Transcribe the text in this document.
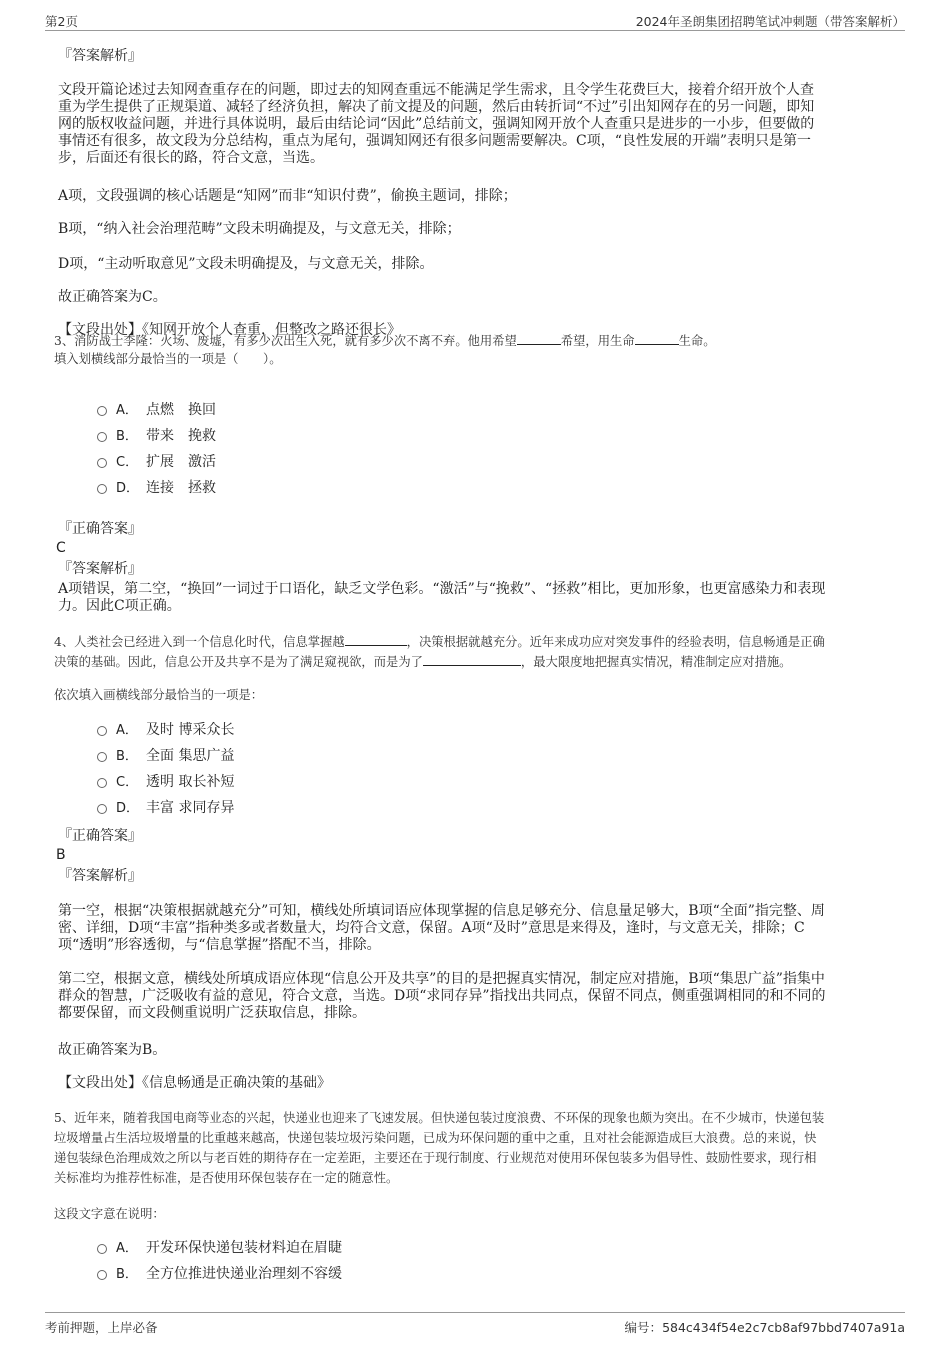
第2页	2024年圣朗集团招聘笔试冲刺题（带答案解析）
『答案解析』
文段开篇论述过去知网查重存在的问题，即过去的知网查重远不能满足学生需求，且令学生花费巨大，接着介绍开放个人查
重为学生提供了正规渠道、减轻了经济负担，解决了前文提及的问题，然后由转折词“不过”引出知网存在的另一问题，即知
网的版权收益问题，并进行具体说明，最后由结论词“因此”总结前文，强调知网开放个人查重只是进步的一小步，但要做的
事情还有很多，故文段为分总结构，重点为尾句，强调知网还有很多问题需要解决。C项，“良性发展的开端”表明只是第一
步，后面还有很长的路，符合文意，当选。
A项，文段强调的核心话题是“知网”而非“知识付费”，偷换主题词，排除；
B项，“纳入社会治理范畴”文段未明确提及，与文意无关，排除；
D项，“主动听取意见”文段未明确提及，与文意无关，排除。
故正确答案为C。
【文段出处】《知网开放个人查重，但整改之路还很长》
3、消防战士李隆：火场、废墟，有多少次出生入死，就有多少次不离不弃。他用希望	希望，用生命	生命。
填入划横线部分最恰当的一项是（　　）。
A． 点燃　换回
B． 带来　挽救
C． 扩展　激活
D． 连接　拯救
『正确答案』
C
『答案解析』
A项错误，第二空，“换回”一词过于口语化，缺乏文学色彩。“激活”与“挽救”、“拯救”相比，更加形象，也更富感染力和表现
力。因此C项正确。
4、人类社会已经进入到一个信息化时代，信息掌握越	，决策根据就越充分。近年来成功应对突发事件的经验表明，信息畅通是正确
决策的基础。因此，信息公开及共享不是为了满足窥视欲，而是为了	，最大限度地把握真实情况，精准制定应对措施。
依次填入画横线部分最恰当的一项是：
A． 及时 博采众长
B． 全面 集思广益
C． 透明 取长补短
D． 丰富 求同存异
『正确答案』
B
『答案解析』
第一空，根据“决策根据就越充分”可知，横线处所填词语应体现掌握的信息足够充分、信息量足够大，B项“全面”指完整、周
密、详细，D项“丰富”指种类多或者数量大，均符合文意，保留。A项“及时”意思是来得及，逢时，与文意无关，排除；C
项“透明”形容透彻，与“信息掌握”搭配不当，排除。
第二空，根据文意，横线处所填成语应体现“信息公开及共享”的目的是把握真实情况，制定应对措施，B项“集思广益”指集中
群众的智慧，广泛吸收有益的意见，符合文意，当选。D项“求同存异”指找出共同点，保留不同点，侧重强调相同的和不同的
都要保留，而文段侧重说明广泛获取信息，排除。
故正确答案为B。
【文段出处】《信息畅通是正确决策的基础》
5、近年来，随着我国电商等业态的兴起，快递业也迎来了飞速发展。但快递包装过度浪费、不环保的现象也颇为突出。在不少城市，快递包装
垃圾增量占生活垃圾增量的比重越来越高，快递包装垃圾污染问题，已成为环保问题的重中之重，且对社会能源造成巨大浪费。总的来说，快
递包装绿色治理成效之所以与老百姓的期待存在一定差距，主要还在于现行制度、行业规范对使用环保包装多为倡导性、鼓励性要求，现行相
关标准均为推荐性标准，是否使用环保包装存在一定的随意性。
这段文字意在说明：
A． 开发环保快递包装材料迫在眉睫
B． 全方位推进快递业治理刻不容缓
考前押题，上岸必备	编号：584c434f54e2c7cb8af97bbd7407a91a
